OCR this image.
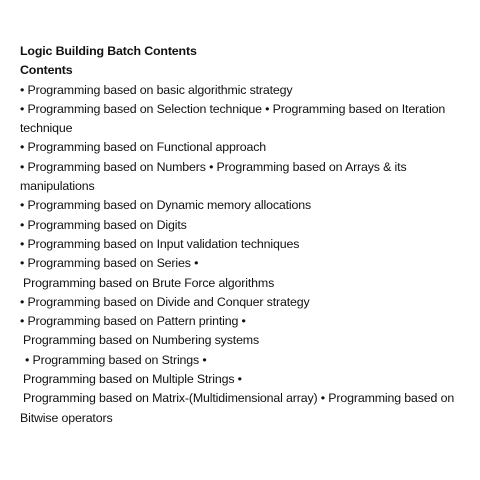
Logic Building Batch Contents

Contents

• Programming based on basic algorithmic strategy

• Programming based on Selection technique • Programming based on Iteration

technique

• Programming based on Functional approach

• Programming based on Numbers • Programming based on Arrays & its

manipulations

• Programming based on Dynamic memory allocations

• Programming based on Digits

• Programming based on Input validation techniques

• Programming based on Series •

Programming based on Brute Force algorithms

• Programming based on Divide and Conquer strategy

• Programming based on Pattern printing •

Programming based on Numbering systems

• Programming based on Strings •

Programming based on Multiple Strings •

Programming based on Matrix-(Multidimensional array) • Programming based on

Bitwise operators
